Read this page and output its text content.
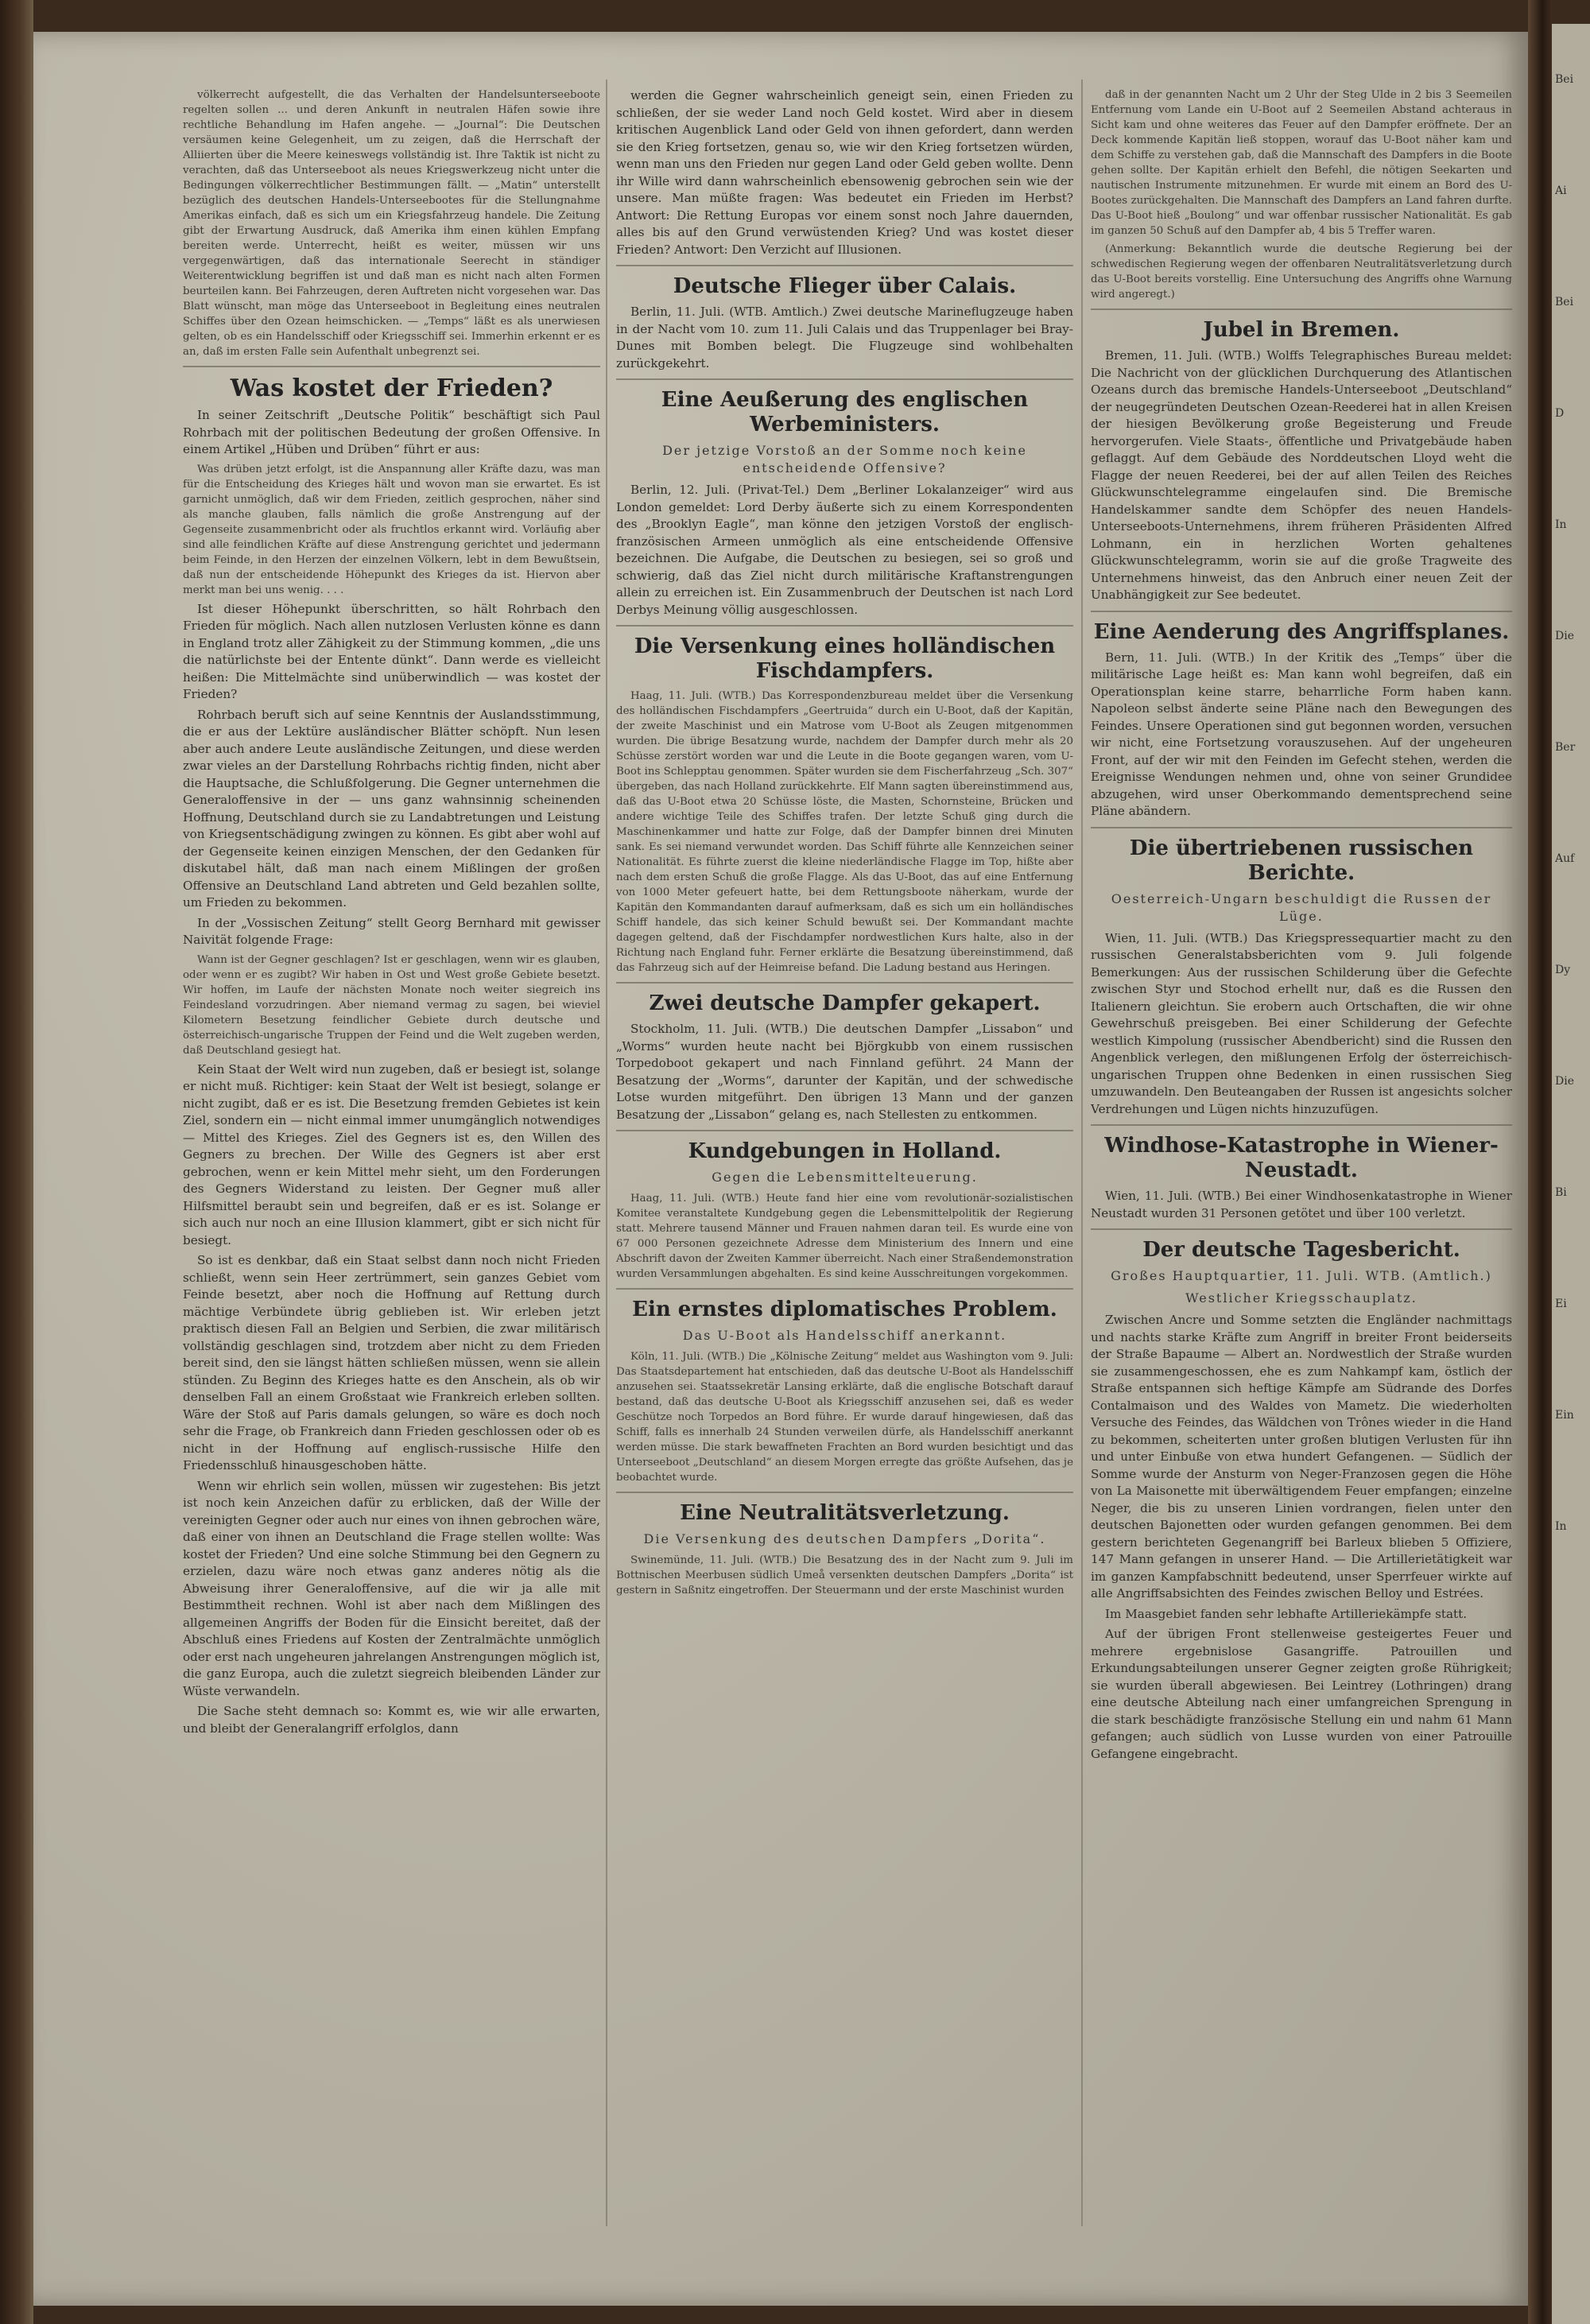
völkerrecht aufgestellt, die das Verhalten der Handelsunterseeboote regelten sollen ... und deren Ankunft in neutralen Häfen sowie ihre rechtliche Behandlung im Hafen angehe. — „Journal“: Die Deutschen versäumen keine Gelegenheit, um zu zeigen, daß die Herrschaft der Alliierten über die Meere keineswegs vollständig ist. Ihre Taktik ist nicht zu verachten, daß das Unterseeboot als neues Kriegswerkzeug nicht unter die Bedingungen völkerrechtlicher Bestimmungen fällt. — „Matin“ unterstellt bezüglich des deutschen Handels-Unterseebootes für die Stellungnahme Amerikas einfach, daß es sich um ein Kriegsfahrzeug handele. Die Zeitung gibt der Erwartung Ausdruck, daß Amerika ihm einen kühlen Empfang bereiten werde. Unterrecht, heißt es weiter, müssen wir uns vergegenwärtigen, daß das internationale Seerecht in ständiger Weiterentwicklung begriffen ist und daß man es nicht nach alten Formen beurteilen kann. Bei Fahrzeugen, deren Auftreten nicht vorgesehen war. Das Blatt wünscht, man möge das Unterseeboot in Begleitung eines neutralen Schiffes über den Ozean heimschicken. — „Temps“ läßt es als unerwiesen gelten, ob es ein Handelsschiff oder Kriegsschiff sei. Immerhin erkennt er es an, daß im ersten Falle sein Aufenthalt unbegrenzt sei.

Was kostet der Frieden?

In seiner Zeitschrift „Deutsche Politik“ beschäftigt sich Paul Rohrbach mit der politischen Bedeutung der großen Offensive. In einem Artikel „Hüben und Drüben“ führt er aus:

Was drüben jetzt erfolgt, ist die Anspannung aller Kräfte dazu, was man für die Entscheidung des Krieges hält und wovon man sie erwartet. Es ist garnicht unmöglich, daß wir dem Frieden, zeitlich gesprochen, näher sind als manche glauben, falls nämlich die große Anstrengung auf der Gegenseite zusammenbricht oder als fruchtlos erkannt wird. Vorläufig aber sind alle feindlichen Kräfte auf diese Anstrengung gerichtet und jedermann beim Feinde, in den Herzen der einzelnen Völkern, lebt in dem Bewußtsein, daß nun der entscheidende Höhepunkt des Krieges da ist. Hiervon aber merkt man bei uns wenig. . . .

Ist dieser Höhepunkt überschritten, so hält Rohrbach den Frieden für möglich. Nach allen nutzlosen Verlusten könne es dann in England trotz aller Zähigkeit zu der Stimmung kommen, „die uns die natürlichste bei der Entente dünkt“. Dann werde es vielleicht heißen: Die Mittelmächte sind unüberwindlich — was kostet der Frieden?

Rohrbach beruft sich auf seine Kenntnis der Auslandsstimmung, die er aus der Lektüre ausländischer Blätter schöpft. Nun lesen aber auch andere Leute ausländische Zeitungen, und diese werden zwar vieles an der Darstellung Rohrbachs richtig finden, nicht aber die Hauptsache, die Schlußfolgerung. Die Gegner unternehmen die Generaloffensive in der — uns ganz wahnsinnig scheinenden Hoffnung, Deutschland durch sie zu Landabtretungen und Leistung von Kriegsentschädigung zwingen zu können. Es gibt aber wohl auf der Gegenseite keinen einzigen Menschen, der den Gedanken für diskutabel hält, daß man nach einem Mißlingen der großen Offensive an Deutschland Land abtreten und Geld bezahlen sollte, um Frieden zu bekommen.

In der „Vossischen Zeitung“ stellt Georg Bernhard mit gewisser Naivität folgende Frage:

Wann ist der Gegner geschlagen? Ist er geschlagen, wenn wir es glauben, oder wenn er es zugibt? Wir haben in Ost und West große Gebiete besetzt. Wir hoffen, im Laufe der nächsten Monate noch weiter siegreich ins Feindesland vorzudringen. Aber niemand vermag zu sagen, bei wieviel Kilometern Besetzung feindlicher Gebiete durch deutsche und österreichisch-ungarische Truppen der Feind und die Welt zugeben werden, daß Deutschland gesiegt hat.

Kein Staat der Welt wird nun zugeben, daß er besiegt ist, solange er nicht muß. Richtiger: kein Staat der Welt ist besiegt, solange er nicht zugibt, daß er es ist. Die Besetzung fremden Gebietes ist kein Ziel, sondern ein — nicht einmal immer unumgänglich notwendiges — Mittel des Krieges. Ziel des Gegners ist es, den Willen des Gegners zu brechen. Der Wille des Gegners ist aber erst gebrochen, wenn er kein Mittel mehr sieht, um den Forderungen des Gegners Widerstand zu leisten. Der Gegner muß aller Hilfsmittel beraubt sein und begreifen, daß er es ist. Solange er sich auch nur noch an eine Illusion klammert, gibt er sich nicht für besiegt.

So ist es denkbar, daß ein Staat selbst dann noch nicht Frieden schließt, wenn sein Heer zertrümmert, sein ganzes Gebiet vom Feinde besetzt, aber noch die Hoffnung auf Rettung durch mächtige Verbündete übrig geblieben ist. Wir erleben jetzt praktisch diesen Fall an Belgien und Serbien, die zwar militärisch vollständig geschlagen sind, trotzdem aber nicht zu dem Frieden bereit sind, den sie längst hätten schließen müssen, wenn sie allein stünden. Zu Beginn des Krieges hatte es den Anschein, als ob wir denselben Fall an einem Großstaat wie Frankreich erleben sollten. Wäre der Stoß auf Paris damals gelungen, so wäre es doch noch sehr die Frage, ob Frankreich dann Frieden geschlossen oder ob es nicht in der Hoffnung auf englisch-russische Hilfe den Friedensschluß hinausgeschoben hätte.

Wenn wir ehrlich sein wollen, müssen wir zugestehen: Bis jetzt ist noch kein Anzeichen dafür zu erblicken, daß der Wille der vereinigten Gegner oder auch nur eines von ihnen gebrochen wäre, daß einer von ihnen an Deutschland die Frage stellen wollte: Was kostet der Frieden? Und eine solche Stimmung bei den Gegnern zu erzielen, dazu wäre noch etwas ganz anderes nötig als die Abweisung ihrer Generaloffensive, auf die wir ja alle mit Bestimmtheit rechnen. Wohl ist aber nach dem Mißlingen des allgemeinen Angriffs der Boden für die Einsicht bereitet, daß der Abschluß eines Friedens auf Kosten der Zentralmächte unmöglich oder erst nach ungeheuren jahrelangen Anstrengungen möglich ist, die ganz Europa, auch die zuletzt siegreich bleibenden Länder zur Wüste verwandeln.

Die Sache steht demnach so: Kommt es, wie wir alle erwarten, und bleibt der Generalangriff erfolglos, dann

werden die Gegner wahrscheinlich geneigt sein, einen Frieden zu schließen, der sie weder Land noch Geld kostet. Wird aber in diesem kritischen Augenblick Land oder Geld von ihnen gefordert, dann werden sie den Krieg fortsetzen, genau so, wie wir den Krieg fortsetzen würden, wenn man uns den Frieden nur gegen Land oder Geld geben wollte. Denn ihr Wille wird dann wahrscheinlich ebensowenig gebrochen sein wie der unsere. Man müßte fragen: Was bedeutet ein Frieden im Herbst? Antwort: Die Rettung Europas vor einem sonst noch Jahre dauernden, alles bis auf den Grund verwüstenden Krieg? Und was kostet dieser Frieden? Antwort: Den Verzicht auf Illusionen.

Deutsche Flieger über Calais.

Berlin, 11. Juli. (WTB. Amtlich.) Zwei deutsche Marineflugzeuge haben in der Nacht vom 10. zum 11. Juli Calais und das Truppenlager bei Bray-Dunes mit Bomben belegt. Die Flugzeuge sind wohlbehalten zurückgekehrt.

Eine Aeußerung des englischen Werbeministers.
Der jetzige Vorstoß an der Somme noch keine entscheidende Offensive?

Berlin, 12. Juli. (Privat-Tel.) Dem „Berliner Lokalanzeiger“ wird aus London gemeldet: Lord Derby äußerte sich zu einem Korrespondenten des „Brooklyn Eagle“, man könne den jetzigen Vorstoß der englisch-französischen Armeen unmöglich als eine entscheidende Offensive bezeichnen. Die Aufgabe, die Deutschen zu besiegen, sei so groß und schwierig, daß das Ziel nicht durch militärische Kraftanstrengungen allein zu erreichen ist. Ein Zusammenbruch der Deutschen ist nach Lord Derbys Meinung völlig ausgeschlossen.

Die Versenkung eines holländischen Fischdampfers.

Haag, 11. Juli. (WTB.) Das Korrespondenzbureau meldet über die Versenkung des holländischen Fischdampfers „Geertruida“ durch ein U-Boot, daß der Kapitän, der zweite Maschinist und ein Matrose vom U-Boot als Zeugen mitgenommen wurden. Die übrige Besatzung wurde, nachdem der Dampfer durch mehr als 20 Schüsse zerstört worden war und die Leute in die Boote gegangen waren, vom U-Boot ins Schlepptau genommen. Später wurden sie dem Fischerfahrzeug „Sch. 307“ übergeben, das nach Holland zurückkehrte. Elf Mann sagten übereinstimmend aus, daß das U-Boot etwa 20 Schüsse löste, die Masten, Schornsteine, Brücken und andere wichtige Teile des Schiffes trafen. Der letzte Schuß ging durch die Maschinenkammer und hatte zur Folge, daß der Dampfer binnen drei Minuten sank. Es sei niemand verwundet worden. Das Schiff führte alle Kennzeichen seiner Nationalität. Es führte zuerst die kleine niederländische Flagge im Top, hißte aber nach dem ersten Schuß die große Flagge. Als das U-Boot, das auf eine Entfernung von 1000 Meter gefeuert hatte, bei dem Rettungsboote näherkam, wurde der Kapitän den Kommandanten darauf aufmerksam, daß es sich um ein holländisches Schiff handele, das sich keiner Schuld bewußt sei. Der Kommandant machte dagegen geltend, daß der Fischdampfer nordwestlichen Kurs halte, also in der Richtung nach England fuhr. Ferner erklärte die Besatzung übereinstimmend, daß das Fahrzeug sich auf der Heimreise befand. Die Ladung bestand aus Heringen.

Zwei deutsche Dampfer gekapert.

Stockholm, 11. Juli. (WTB.) Die deutschen Dampfer „Lissabon“ und „Worms“ wurden heute nacht bei Björgkubb von einem russischen Torpedoboot gekapert und nach Finnland geführt. 24 Mann der Besatzung der „Worms“, darunter der Kapitän, und der schwedische Lotse wurden mitgeführt. Den übrigen 13 Mann und der ganzen Besatzung der „Lissabon“ gelang es, nach Stellesten zu entkommen.

Kundgebungen in Holland.
Gegen die Lebensmittelteuerung.

Haag, 11. Juli. (WTB.) Heute fand hier eine vom revolutionär-sozialistischen Komitee veranstaltete Kundgebung gegen die Lebensmittelpolitik der Regierung statt. Mehrere tausend Männer und Frauen nahmen daran teil. Es wurde eine von 67 000 Personen gezeichnete Adresse dem Ministerium des Innern und eine Abschrift davon der Zweiten Kammer überreicht. Nach einer Straßendemonstration wurden Versammlungen abgehalten. Es sind keine Ausschreitungen vorgekommen.

Ein ernstes diplomatisches Problem.
Das U-Boot als Handelsschiff anerkannt.

Köln, 11. Juli. (WTB.) Die „Kölnische Zeitung“ meldet aus Washington vom 9. Juli: Das Staatsdepartement hat entschieden, daß das deutsche U-Boot als Handelsschiff anzusehen sei. Staatssekretär Lansing erklärte, daß die englische Botschaft darauf bestand, daß das deutsche U-Boot als Kriegsschiff anzusehen sei, daß es weder Geschütze noch Torpedos an Bord führe. Er wurde darauf hingewiesen, daß das Schiff, falls es innerhalb 24 Stunden verweilen dürfe, als Handelsschiff anerkannt werden müsse. Die stark bewaffneten Frachten an Bord wurden besichtigt und das Unterseeboot „Deutschland“ an diesem Morgen erregte das größte Aufsehen, das je beobachtet wurde.

Eine Neutralitätsverletzung.
Die Versenkung des deutschen Dampfers „Dorita“.

Swinemünde, 11. Juli. (WTB.) Die Besatzung des in der Nacht zum 9. Juli im Bottnischen Meerbusen südlich Umeå versenkten deutschen Dampfers „Dorita“ ist gestern in Saßnitz eingetroffen. Der Steuermann und der erste Maschinist wurden

daß in der genannten Nacht um 2 Uhr der Steg Ulde in 2 bis 3 Seemeilen Entfernung vom Lande ein U-Boot auf 2 Seemeilen Abstand achteraus in Sicht kam und ohne weiteres das Feuer auf den Dampfer eröffnete. Der an Deck kommende Kapitän ließ stoppen, worauf das U-Boot näher kam und dem Schiffe zu verstehen gab, daß die Mannschaft des Dampfers in die Boote gehen sollte. Der Kapitän erhielt den Befehl, die nötigen Seekarten und nautischen Instrumente mitzunehmen. Er wurde mit einem an Bord des U-Bootes zurückgehalten. Die Mannschaft des Dampfers an Land fahren durfte. Das U-Boot hieß „Boulong“ und war offenbar russischer Nationalität. Es gab im ganzen 50 Schuß auf den Dampfer ab, 4 bis 5 Treffer waren.

(Anmerkung: Bekanntlich wurde die deutsche Regierung bei der schwedischen Regierung wegen der offenbaren Neutralitätsverletzung durch das U-Boot bereits vorstellig. Eine Untersuchung des Angriffs ohne Warnung wird angeregt.)

Jubel in Bremen.

Bremen, 11. Juli. (WTB.) Wolffs Telegraphisches Bureau meldet: Die Nachricht von der glücklichen Durchquerung des Atlantischen Ozeans durch das bremische Handels-Unterseeboot „Deutschland“ der neugegründeten Deutschen Ozean-Reederei hat in allen Kreisen der hiesigen Bevölkerung große Begeisterung und Freude hervorgerufen. Viele Staats-, öffentliche und Privatgebäude haben geflaggt. Auf dem Gebäude des Norddeutschen Lloyd weht die Flagge der neuen Reederei, bei der auf allen Teilen des Reiches Glückwunschtelegramme eingelaufen sind. Die Bremische Handelskammer sandte dem Schöpfer des neuen Handels-Unterseeboots-Unternehmens, ihrem früheren Präsidenten Alfred Lohmann, ein in herzlichen Worten gehaltenes Glückwunschtelegramm, worin sie auf die große Tragweite des Unternehmens hinweist, das den Anbruch einer neuen Zeit der Unabhängigkeit zur See bedeutet.

Eine Aenderung des Angriffsplanes.

Bern, 11. Juli. (WTB.) In der Kritik des „Temps“ über die militärische Lage heißt es: Man kann wohl begreifen, daß ein Operationsplan keine starre, beharrliche Form haben kann. Napoleon selbst änderte seine Pläne nach den Bewegungen des Feindes. Unsere Operationen sind gut begonnen worden, versuchen wir nicht, eine Fortsetzung vorauszusehen. Auf der ungeheuren Front, auf der wir mit den Feinden im Gefecht stehen, werden die Ereignisse Wendungen nehmen und, ohne von seiner Grundidee abzugehen, wird unser Oberkommando dementsprechend seine Pläne abändern.

Die übertriebenen russischen Berichte.
Oesterreich-Ungarn beschuldigt die Russen der Lüge.

Wien, 11. Juli. (WTB.) Das Kriegspressequartier macht zu den russischen Generalstabsberichten vom 9. Juli folgende Bemerkungen: Aus der russischen Schilderung über die Gefechte zwischen Styr und Stochod erhellt nur, daß es die Russen den Italienern gleichtun. Sie erobern auch Ortschaften, die wir ohne Gewehrschuß preisgeben. Bei einer Schilderung der Gefechte westlich Kimpolung (russischer Abendbericht) sind die Russen den Angenblick verlegen, den mißlungenen Erfolg der österreichisch-ungarischen Truppen ohne Bedenken in einen russischen Sieg umzuwandeln. Den Beuteangaben der Russen ist angesichts solcher Verdrehungen und Lügen nichts hinzuzufügen.

Windhose-Katastrophe in Wiener-Neustadt.

Wien, 11. Juli. (WTB.) Bei einer Windhosenkatastrophe in Wiener Neustadt wurden 31 Personen getötet und über 100 verletzt.

Der deutsche Tagesbericht.
Großes Hauptquartier, 11. Juli. WTB. (Amtlich.)
Westlicher Kriegsschauplatz.

Zwischen Ancre und Somme setzten die Engländer nachmittags und nachts starke Kräfte zum Angriff in breiter Front beiderseits der Straße Bapaume — Albert an. Nordwestlich der Straße wurden sie zusammengeschossen, ehe es zum Nahkampf kam, östlich der Straße entspannen sich heftige Kämpfe am Südrande des Dorfes Contalmaison und des Waldes von Mametz. Die wiederholten Versuche des Feindes, das Wäldchen von Trônes wieder in die Hand zu bekommen, scheiterten unter großen blutigen Verlusten für ihn und unter Einbuße von etwa hundert Gefangenen. — Südlich der Somme wurde der Ansturm von Neger-Franzosen gegen die Höhe von La Maisonette mit überwältigendem Feuer empfangen; einzelne Neger, die bis zu unseren Linien vordrangen, fielen unter den deutschen Bajonetten oder wurden gefangen genommen. Bei dem gestern berichteten Gegenangriff bei Barleux blieben 5 Offiziere, 147 Mann gefangen in unserer Hand. — Die Artillerietätigkeit war im ganzen Kampfabschnitt bedeutend, unser Sperrfeuer wirkte auf alle Angriffsabsichten des Feindes zwischen Belloy und Estrées.

Im Maasgebiet fanden sehr lebhafte Artilleriekämpfe statt.

Auf der übrigen Front stellenweise gesteigertes Feuer und mehrere ergebnislose Gasangriffe. Patrouillen und Erkundungsabteilungen unserer Gegner zeigten große Rührigkeit; sie wurden überall abgewiesen. Bei Leintrey (Lothringen) drang eine deutsche Abteilung nach einer umfangreichen Sprengung in die stark beschädigte französische Stellung ein und nahm 61 Mann gefangen; auch südlich von Lusse wurden von einer Patrouille Gefangene eingebracht.

Bei
Ai
Bei
D
In
Die
Ber
Auf
Dy
Die
Bi
Ei
Ein
In
